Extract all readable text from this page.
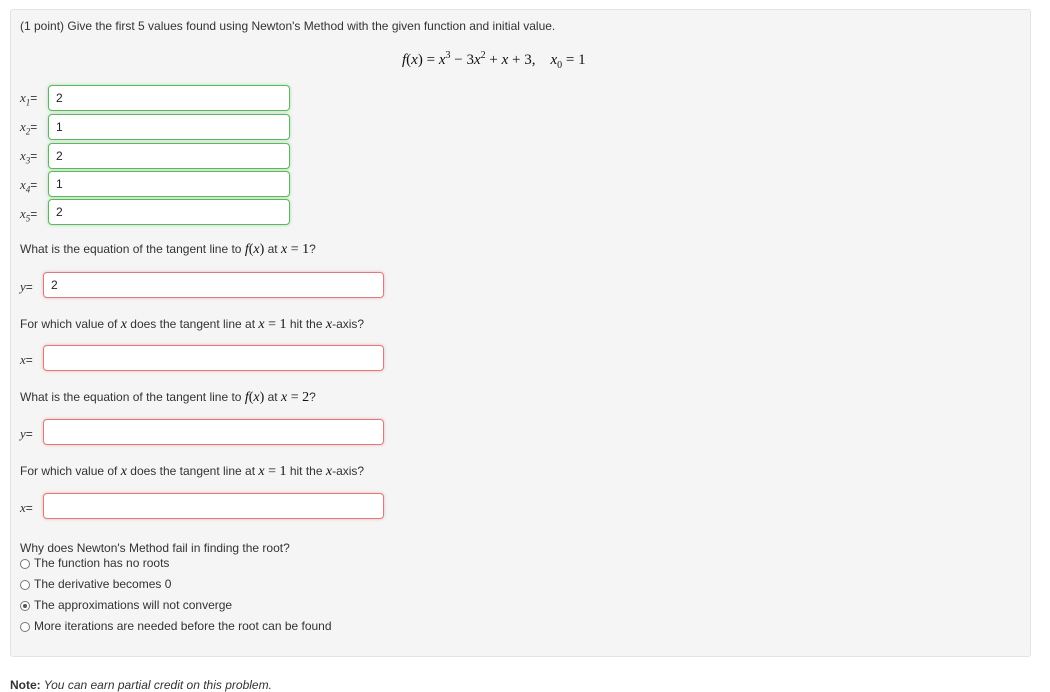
(1 point) Give the first 5 values found using Newton's Method with the given function and initial value.
$f(x) = x^3 - 3x^2 + x + 3$,    $x_0 = 1$
$x_1=$	2
$x_2=$	1
$x_3=$	2
$x_4=$	1
$x_5=$	2
What is the equation of the tangent line to f(x) at x = 1?
y=	2
For which value of x does the tangent line at x = 1 hit the x-axis?
x=
What is the equation of the tangent line to f(x) at x = 2?
y=
For which value of x does the tangent line at x = 1 hit the x-axis?
x=
Why does Newton's Method fail in finding the root?
The function has no roots
The derivative becomes 0
The approximations will not converge
More iterations are needed before the root can be found
Note: You can earn partial credit on this problem.
